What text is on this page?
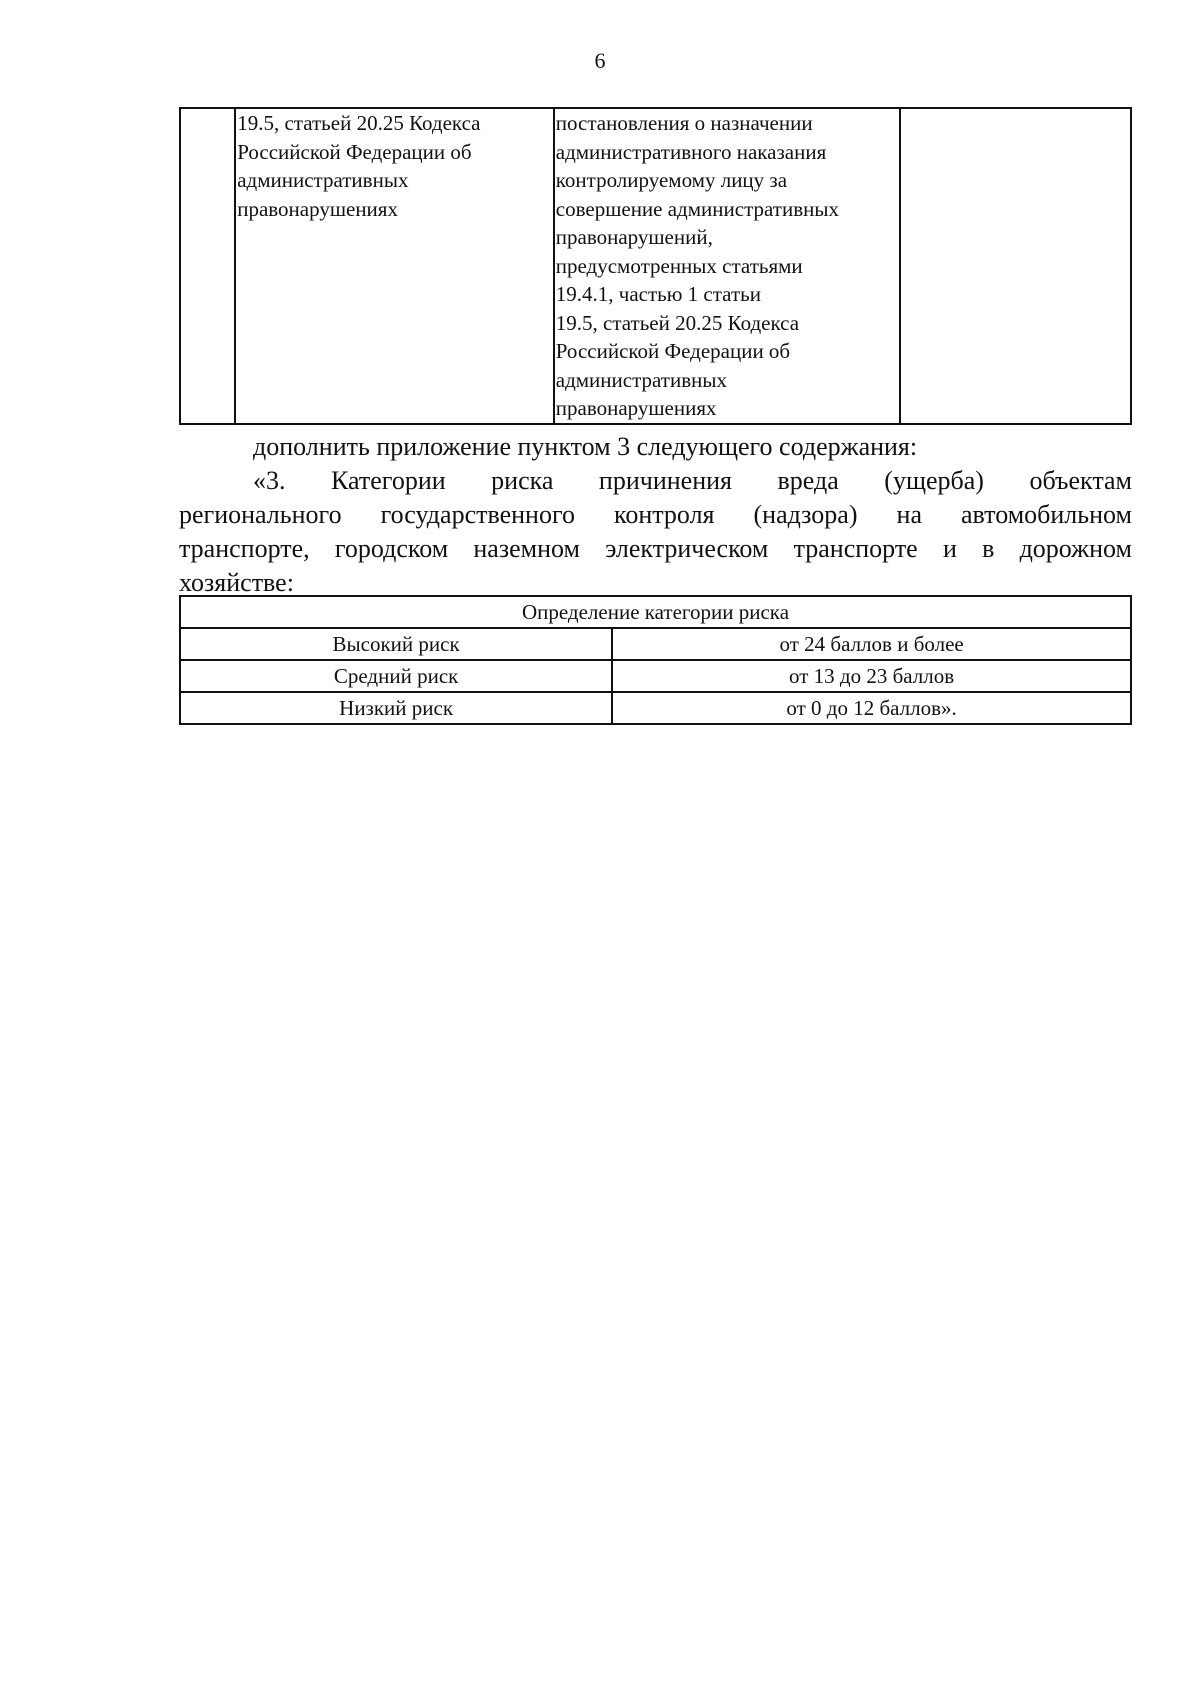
6

19.5, статьей 20.25 Кодекса
Российской Федерации об
административных
правонарушениях

постановления о назначении
административного наказания
контролируемому лицу за
совершение административных
правонарушений,
предусмотренных статьями
19.4.1, частью 1 статьи
19.5, статьей 20.25 Кодекса
Российской Федерации об
административных
правонарушениях

дополнить приложение пунктом 3 следующего содержания:
«3. Категории риска причинения вреда (ущерба) объектам
регионального государственного контроля (надзора) на автомобильном
транспорте, городском наземном электрическом транспорте и в дорожном
хозяйстве:
Определение категории риска	
Высокий риск	от 24 баллов и более
Средний риск	от 13 до 23 баллов
Низкий риск	от 0 до 12 баллов».
